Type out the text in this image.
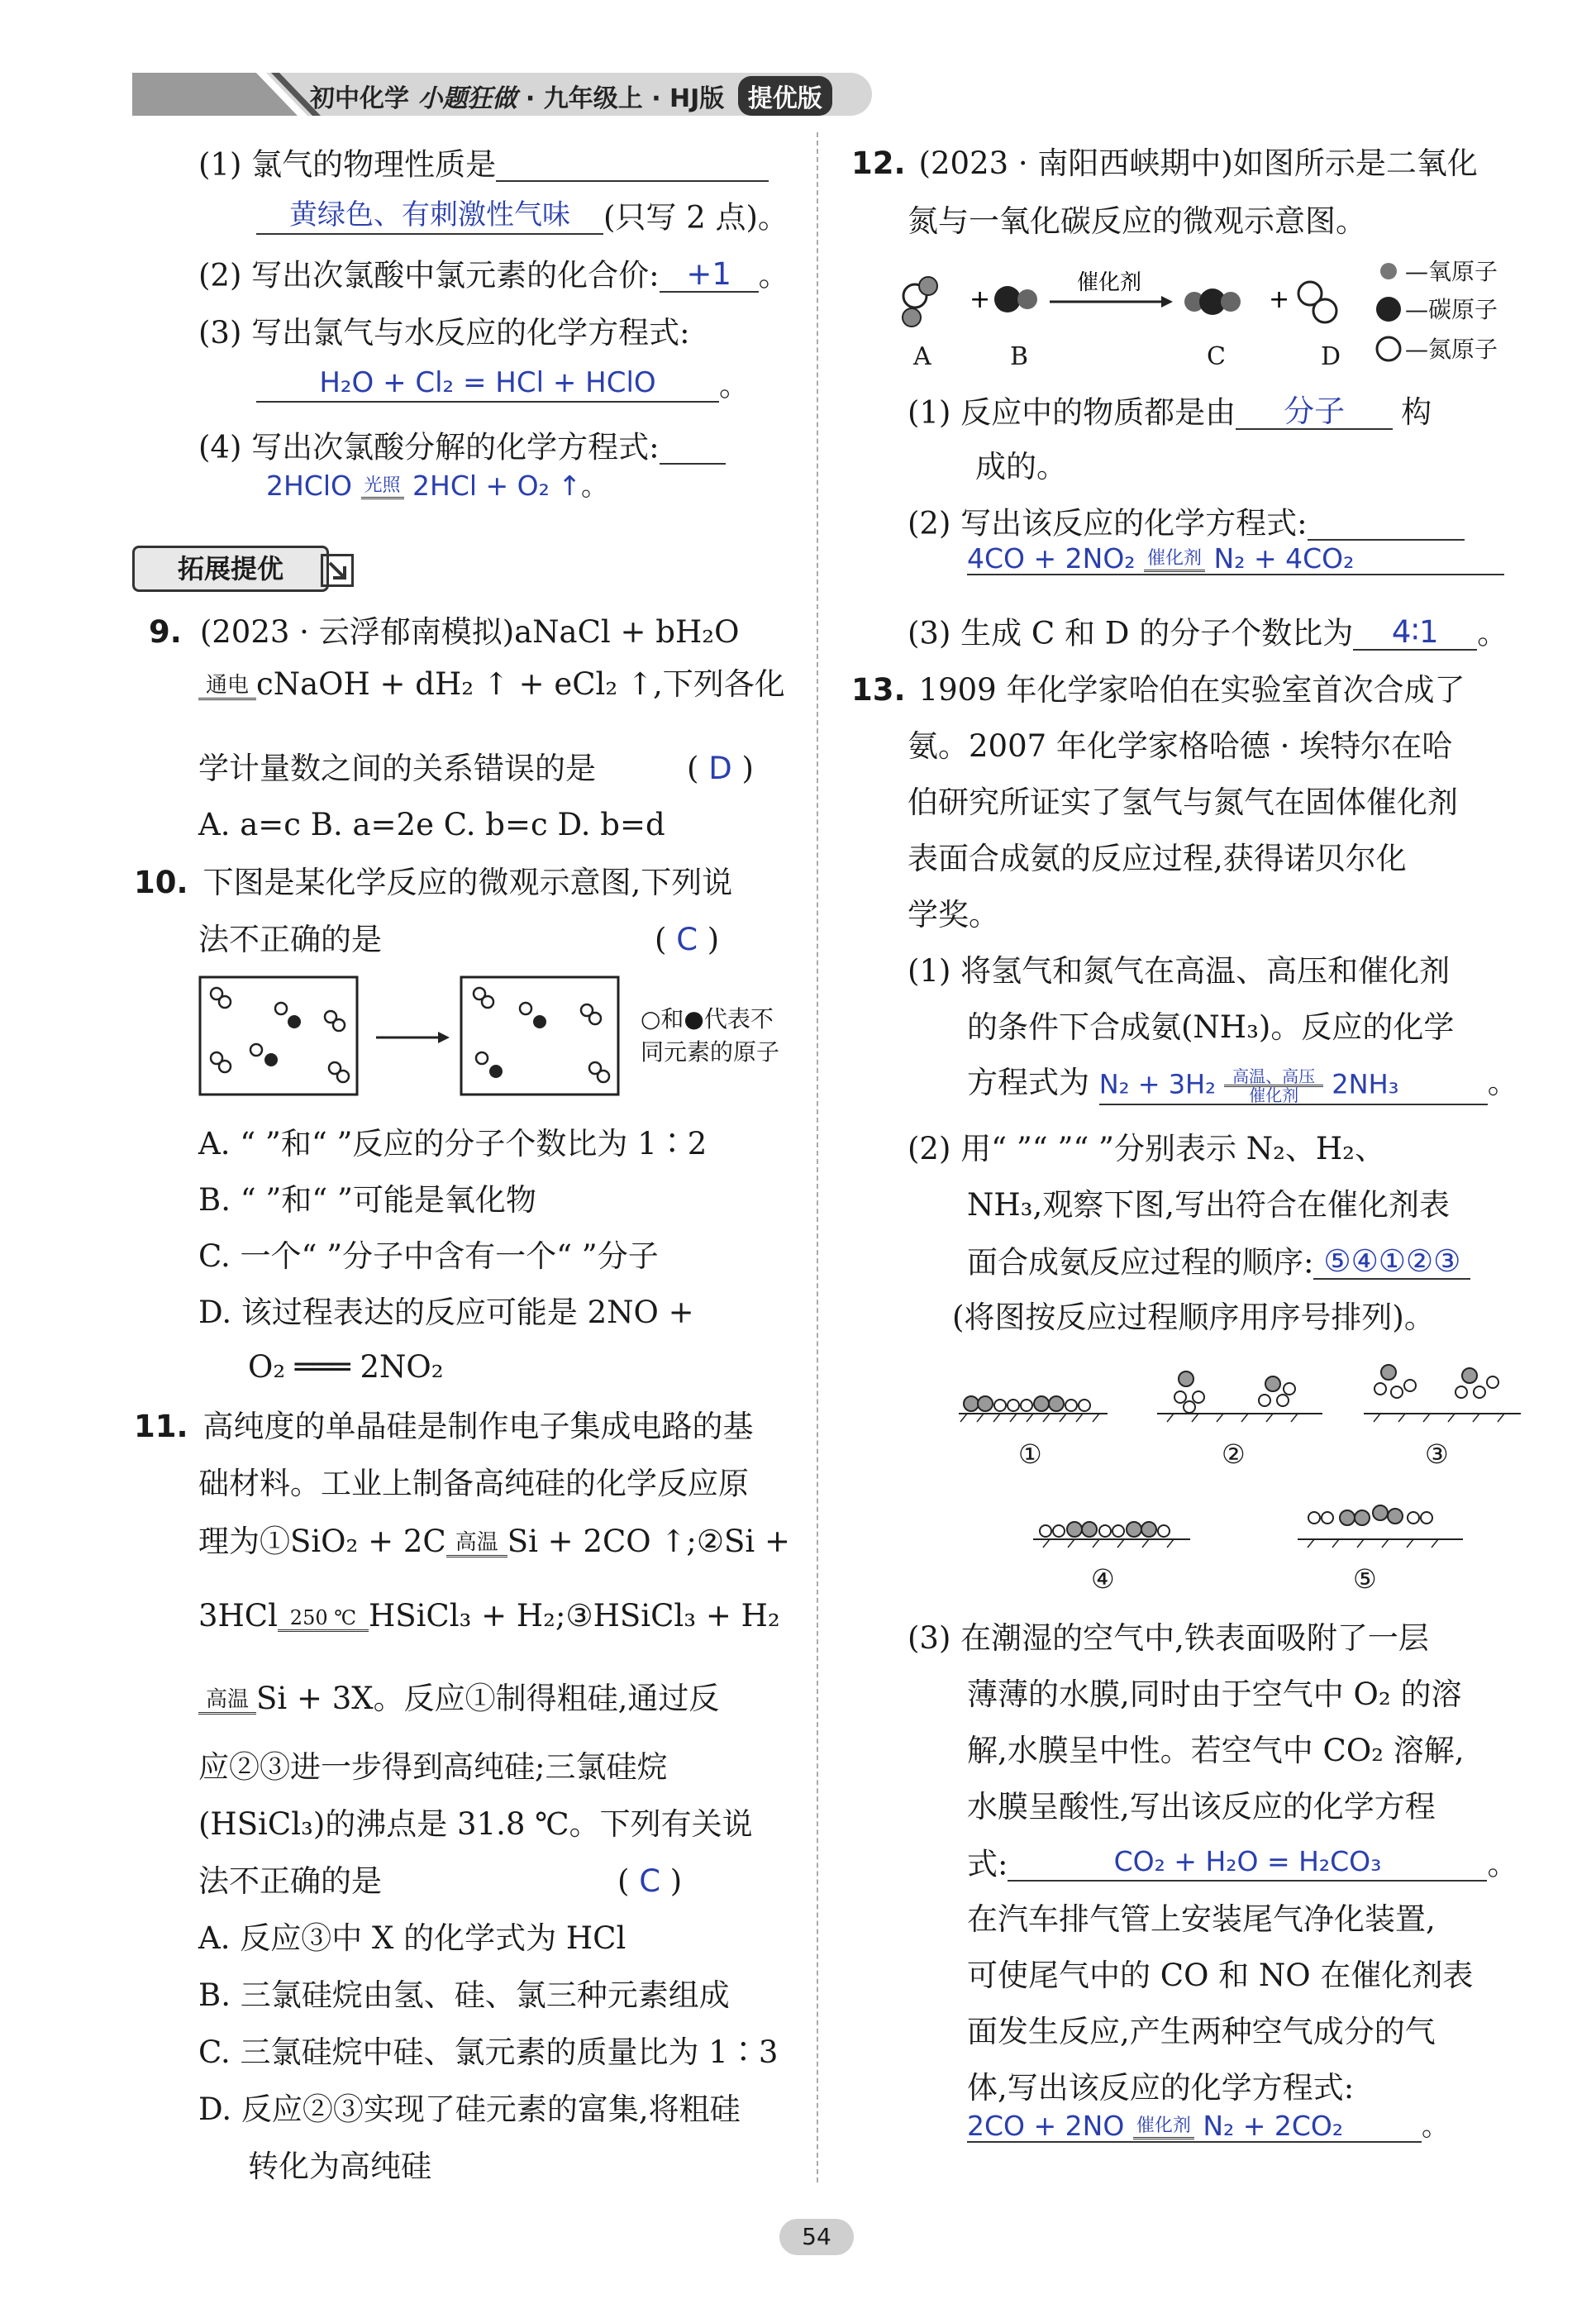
初中化学 小题狂做 · 九年级上 · HJ版 提优版
(1) 氯气的物理性质是
黄绿色、有刺激性气味 (只写 2 点)。
(2) 写出次氯酸中氯元素的化合价: +1 。
(3) 写出氯气与水反应的化学方程式:
H₂O + Cl₂ = HCl + HClO 。
(4) 写出次氯酸分解的化学方程式:
2HClO 光照 2HCl + O₂ ↑。
拓展提优
9. (2023 · 云浮郁南模拟)aNaCl + bH₂O
通电 cNaOH + dH₂ ↑ + eCl₂ ↑,下列各化
学计量数之间的关系错误的是	( D )
A. a=c B. a=2e C. b=c D. b=d
10. 下图是某化学反应的微观示意图,下列说
法不正确的是	( C )
○和●代表不
同元素的原子
A. “ ”和“ ”反应的分子个数比为 1∶2
B. “ ”和“ ”可能是氧化物
C. 一个“ ”分子中含有一个“ ”分子
D. 该过程表达的反应可能是 2NO +
O₂ ═══ 2NO₂
11. 高纯度的单晶硅是制作电子集成电路的基
础材料。工业上制备高纯硅的化学反应原
理为①SiO₂ + 2C 高温 Si + 2CO ↑;②Si +
3HCl 250 ℃ HSiCl₃ + H₂;③HSiCl₃ + H₂
高温 Si + 3X。反应①制得粗硅,通过反
应②③进一步得到高纯硅;三氯硅烷
(HSiCl₃)的沸点是 31.8 ℃。下列有关说
法不正确的是	( C )
A. 反应③中 X 的化学式为 HCl
B. 三氯硅烷由氢、硅、氯三种元素组成
C. 三氯硅烷中硅、氯元素的质量比为 1∶3
D. 反应②③实现了硅元素的富集,将粗硅
转化为高纯硅
12. (2023 · 南阳西峡期中)如图所示是二氧化
氮与一氧化碳反应的微观示意图。
+
催化剂
+
A	B	C	D
—氧原子
—碳原子
—氮原子
(1) 反应中的物质都是由 分子 构
成的。
(2) 写出该反应的化学方程式:
4CO + 2NO₂ 催化剂 N₂ + 4CO₂
(3) 生成 C 和 D 的分子个数比为 4∶1 。
13. 1909 年化学家哈伯在实验室首次合成了
氨。2007 年化学家格哈德 · 埃特尔在哈
伯研究所证实了氢气与氮气在固体催化剂
表面合成氨的反应过程,获得诺贝尔化
学奖。
(1) 将氢气和氮气在高温、高压和催化剂
的条件下合成氨(NH₃)。反应的化学
方程式为 N₂ + 3H₂	高温、高压
催化剂	2NH₃	。
(2) 用“ ”“ ”“ ”分别表示 N₂、H₂、
NH₃,观察下图,写出符合在催化剂表
面合成氨反应过程的顺序: ⑤④①②③
(将图按反应过程顺序用序号排列)。
①	②	③
④	⑤
(3) 在潮湿的空气中,铁表面吸附了一层
薄薄的水膜,同时由于空气中 O₂ 的溶
解,水膜呈中性。若空气中 CO₂ 溶解,
水膜呈酸性,写出该反应的化学方程
式:	CO₂ + H₂O = H₂CO₃	。
在汽车排气管上安装尾气净化装置,
可使尾气中的 CO 和 NO 在催化剂表
面发生反应,产生两种空气成分的气
体,写出该反应的化学方程式:
2CO + 2NO 催化剂 N₂ + 2CO₂	。
54
